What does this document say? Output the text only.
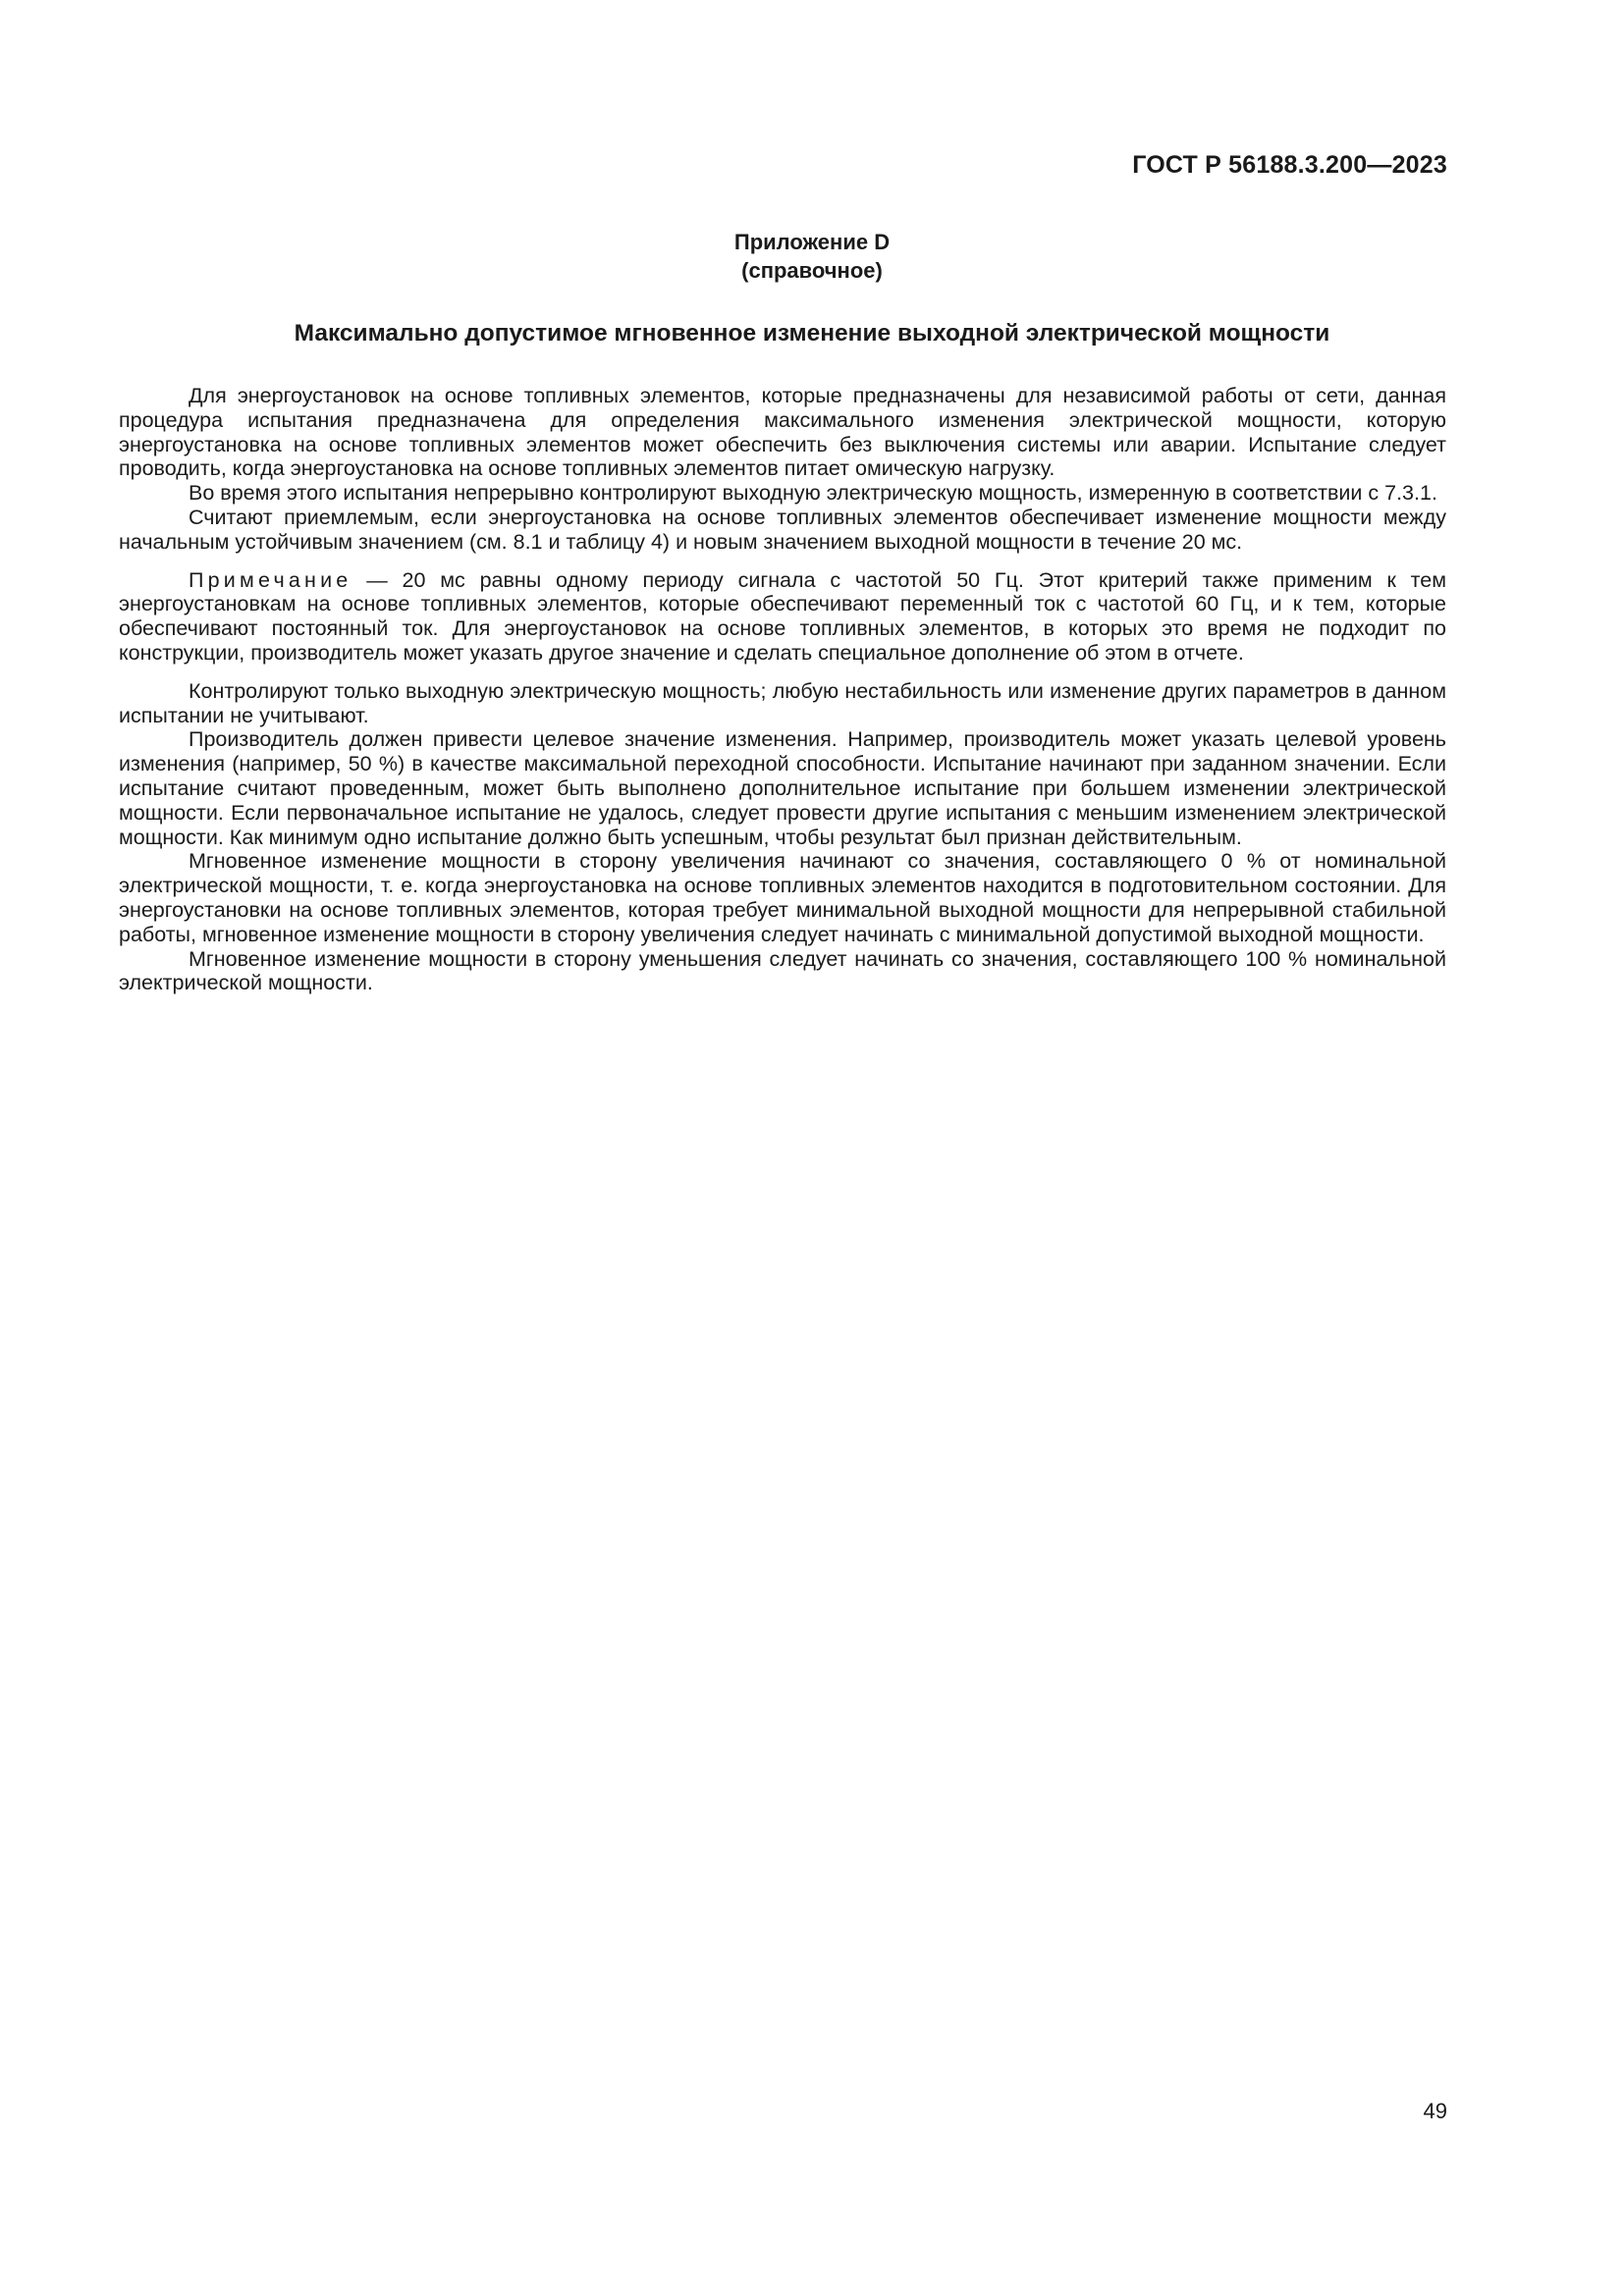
ГОСТ Р 56188.3.200—2023
Приложение D
(справочное)
Максимально допустимое мгновенное изменение выходной электрической мощности

Для энергоустановок на основе топливных элементов, которые предназначены для независимой работы от сети, данная процедура испытания предназначена для определения максимального изменения электрической мощности, которую энергоустановка на основе топливных элементов может обеспечить без выключения системы или аварии. Испытание следует проводить, когда энергоустановка на основе топливных элементов питает омическую нагрузку.

Во время этого испытания непрерывно контролируют выходную электрическую мощность, измеренную в соответствии с 7.3.1.

Считают приемлемым, если энергоустановка на основе топливных элементов обеспечивает изменение мощности между начальным устойчивым значением (см. 8.1 и таблицу 4) и новым значением выходной мощности в течение 20 мс.

Примечание — 20 мс равны одному периоду сигнала с частотой 50 Гц. Этот критерий также применим к тем энергоустановкам на основе топливных элементов, которые обеспечивают переменный ток с частотой 60 Гц, и к тем, которые обеспечивают постоянный ток. Для энергоустановок на основе топливных элементов, в которых это время не подходит по конструкции, производитель может указать другое значение и сделать специальное дополнение об этом в отчете.

Контролируют только выходную электрическую мощность; любую нестабильность или изменение других параметров в данном испытании не учитывают.

Производитель должен привести целевое значение изменения. Например, производитель может указать целевой уровень изменения (например, 50 %) в качестве максимальной переходной способности. Испытание начинают при заданном значении. Если испытание считают проведенным, может быть выполнено дополнительное испытание при большем изменении электрической мощности. Если первоначальное испытание не удалось, следует провести другие испытания с меньшим изменением электрической мощности. Как минимум одно испытание должно быть успешным, чтобы результат был признан действительным.

Мгновенное изменение мощности в сторону увеличения начинают со значения, составляющего 0 % от номинальной электрической мощности, т. е. когда энергоустановка на основе топливных элементов находится в подготовительном состоянии. Для энергоустановки на основе топливных элементов, которая требует минимальной выходной мощности для непрерывной стабильной работы, мгновенное изменение мощности в сторону увеличения следует начинать с минимальной допустимой выходной мощности.

Мгновенное изменение мощности в сторону уменьшения следует начинать со значения, составляющего 100 % номинальной электрической мощности.

49
